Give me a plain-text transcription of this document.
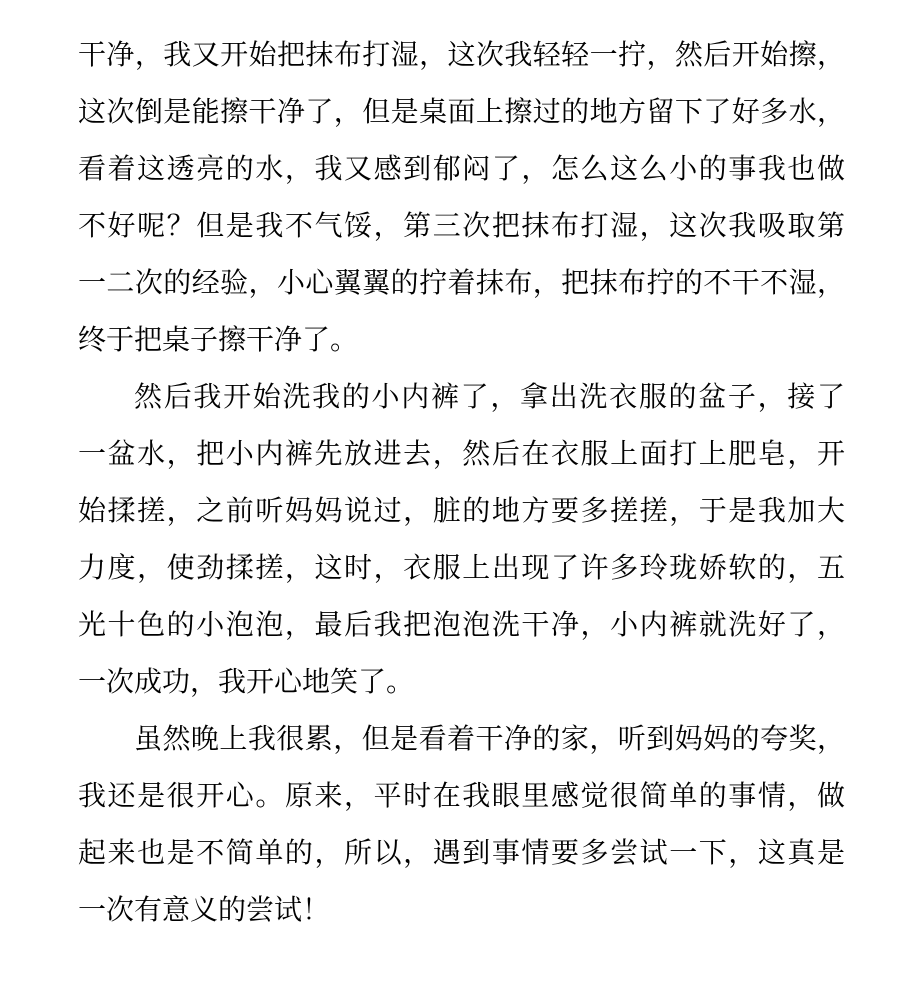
干净，我又开始把抹布打湿，这次我轻轻一拧，然后开始擦，
这次倒是能擦干净了，但是桌面上擦过的地方留下了好多水，
看着这透亮的水，我又感到郁闷了，怎么这么小的事我也做
不好呢？但是我不气馁，第三次把抹布打湿，这次我吸取第
一二次的经验，小心翼翼的拧着抹布，把抹布拧的不干不湿，
终于把桌子擦干净了。
然后我开始洗我的小内裤了，拿出洗衣服的盆子，接了
一盆水，把小内裤先放进去，然后在衣服上面打上肥皂，开
始揉搓，之前听妈妈说过，脏的地方要多搓搓，于是我加大
力度，使劲揉搓，这时，衣服上出现了许多玲珑娇软的，五
光十色的小泡泡，最后我把泡泡洗干净，小内裤就洗好了，
一次成功，我开心地笑了。
虽然晚上我很累，但是看着干净的家，听到妈妈的夸奖，
我还是很开心。原来，平时在我眼里感觉很简单的事情，做
起来也是不简单的，所以，遇到事情要多尝试一下，这真是
一次有意义的尝试！
